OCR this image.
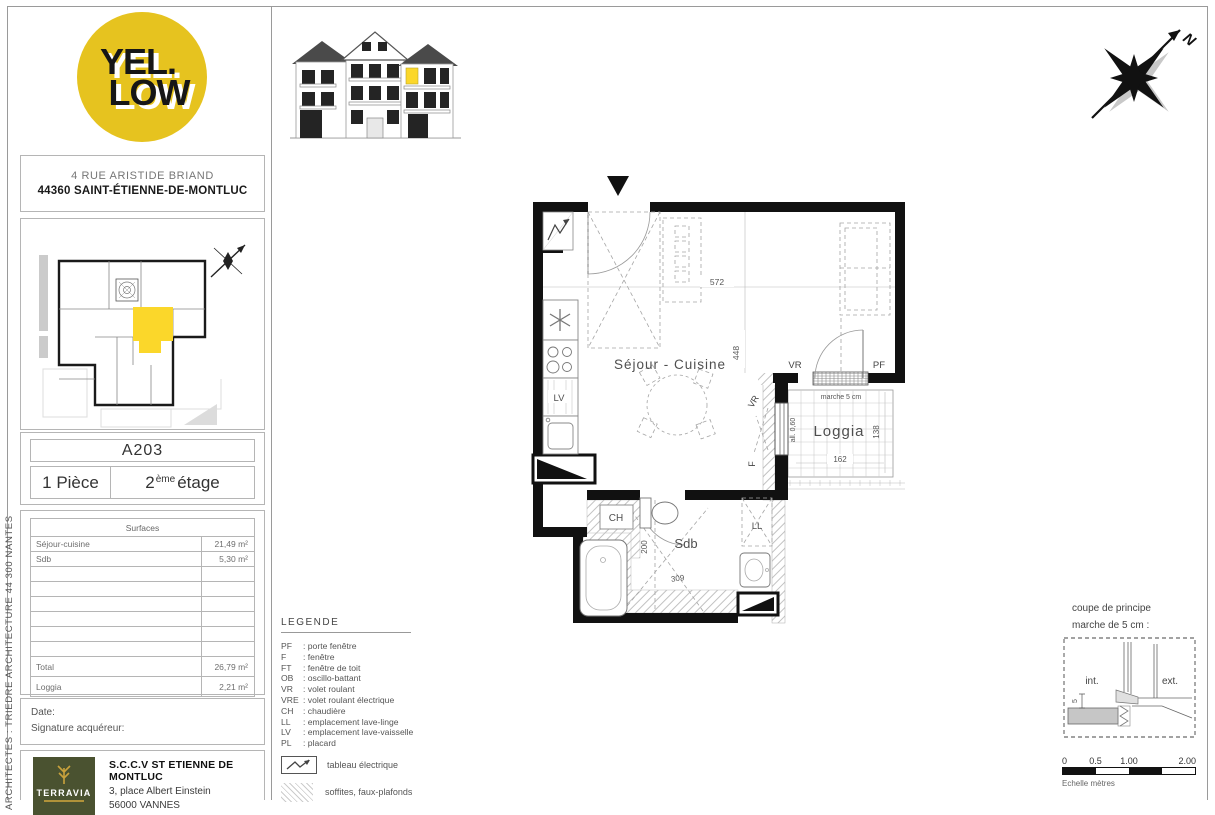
ARCHITECTES : TRIEDRE ARCHITECTURE 44 300 NANTES
YEL.
LOW
4 RUE ARISTIDE BRIAND
44360 SAINT-ÉTIENNE-DE-MONTLUC
A203
1 Pièce	2 ème étage
Surfaces
Séjour-cuisine	21,49 m²
Sdb	5,30 m²
Total	26,79 m²
Loggia	2,21 m²
Date:
Signature acquéreur:
TERRAVIA
S.C.C.V ST ETIENNE DE MONTLUC
3, place Albert Einstein
56000 VANNES
N
572
448
Séjour - Cuisine
Loggia
Sdb
CH
LL
LV
VR	PF
VR
F
marche 5 cm
all. 0,60
162
138
200
309
LEGENDE
PF : porte fenêtre
F : fenêtre
FT : fenêtre de toit
OB : oscillo-battant
VR : volet roulant
VRE : volet roulant électrique
CH : chaudière
LL : emplacement lave-linge
LV : emplacement lave-vaisselle
PL : placard
tableau électrique
soffites, faux-plafonds
coupe de principe
marche de 5 cm :
5
int.	ext.
0 0.5 1.00	2.00
Echelle mètres
